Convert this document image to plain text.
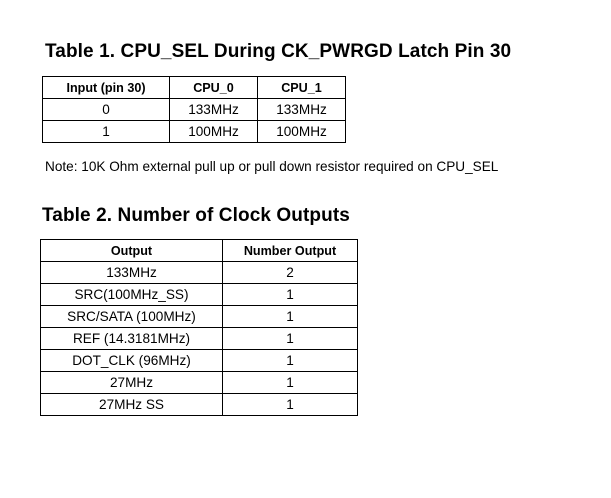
Table 1. CPU_SEL During CK_PWRGD Latch Pin 30
Input (pin 30)	CPU_0	CPU_1
0	133MHz	133MHz
1	100MHz	100MHz
Note: 10K Ohm external pull up or pull down resistor required on CPU_SEL
Table 2. Number of Clock Outputs
Output	Number Output
133MHz	2
SRC(100MHz_SS)	1
SRC/SATA (100MHz)	1
REF (14.3181MHz)	1
DOT_CLK (96MHz)	1
27MHz	1
27MHz SS	1
